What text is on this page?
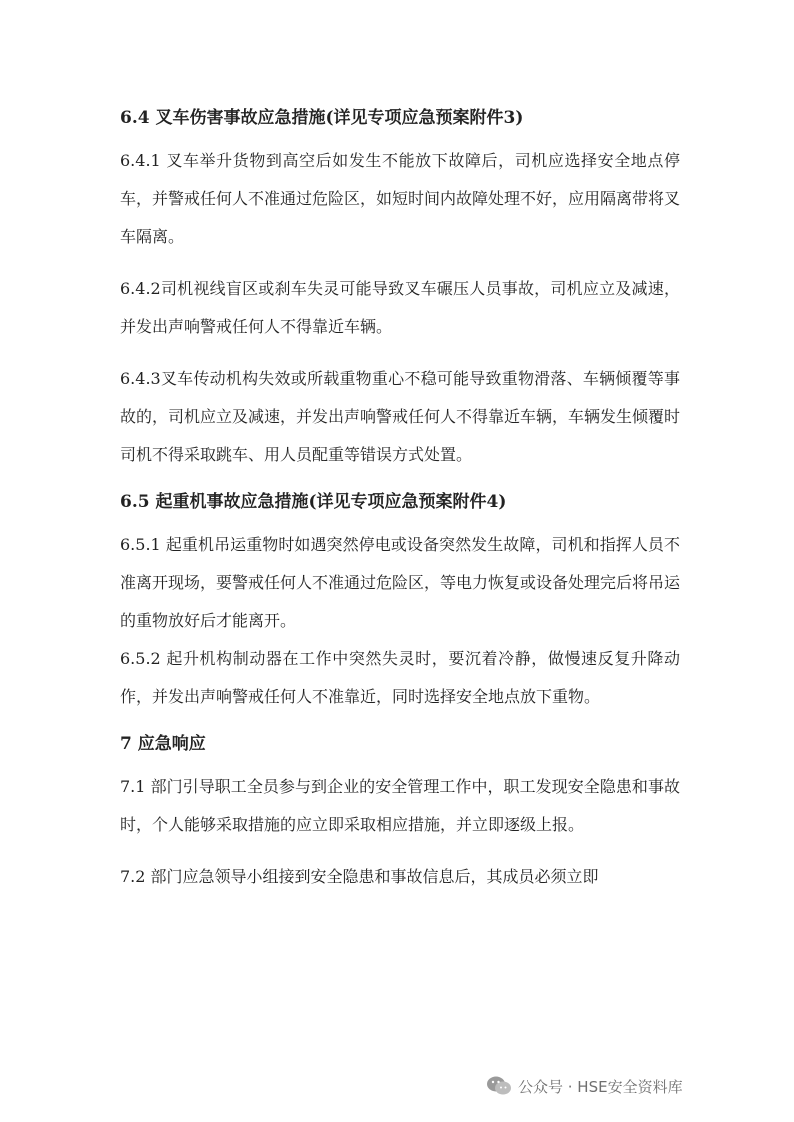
6.4 叉车伤害事故应急措施(详见专项应急预案附件3)

6.4.1 叉车举升货物到高空后如发生不能放下故障后，司机应选择安全地点停车，并警戒任何人不准通过危险区，如短时间内故障处理不好，应用隔离带将叉车隔离。

6.4.2司机视线盲区或刹车失灵可能导致叉车碾压人员事故，司机应立及减速，并发出声响警戒任何人不得靠近车辆。

6.4.3叉车传动机构失效或所载重物重心不稳可能导致重物滑落、车辆倾覆等事故的，司机应立及减速，并发出声响警戒任何人不得靠近车辆，车辆发生倾覆时司机不得采取跳车、用人员配重等错误方式处置。

6.5 起重机事故应急措施(详见专项应急预案附件4)

6.5.1 起重机吊运重物时如遇突然停电或设备突然发生故障，司机和指挥人员不准离开现场，要警戒任何人不准通过危险区，等电力恢复或设备处理完后将吊运的重物放好后才能离开。

6.5.2 起升机构制动器在工作中突然失灵时，要沉着冷静，做慢速反复升降动作，并发出声响警戒任何人不准靠近，同时选择安全地点放下重物。

7 应急响应

7.1 部门引导职工全员参与到企业的安全管理工作中，职工发现安全隐患和事故时，个人能够采取措施的应立即采取相应措施，并立即逐级上报。

7.2 部门应急领导小组接到安全隐患和事故信息后，其成员必须立即

公众号 · HSE安全资料库
